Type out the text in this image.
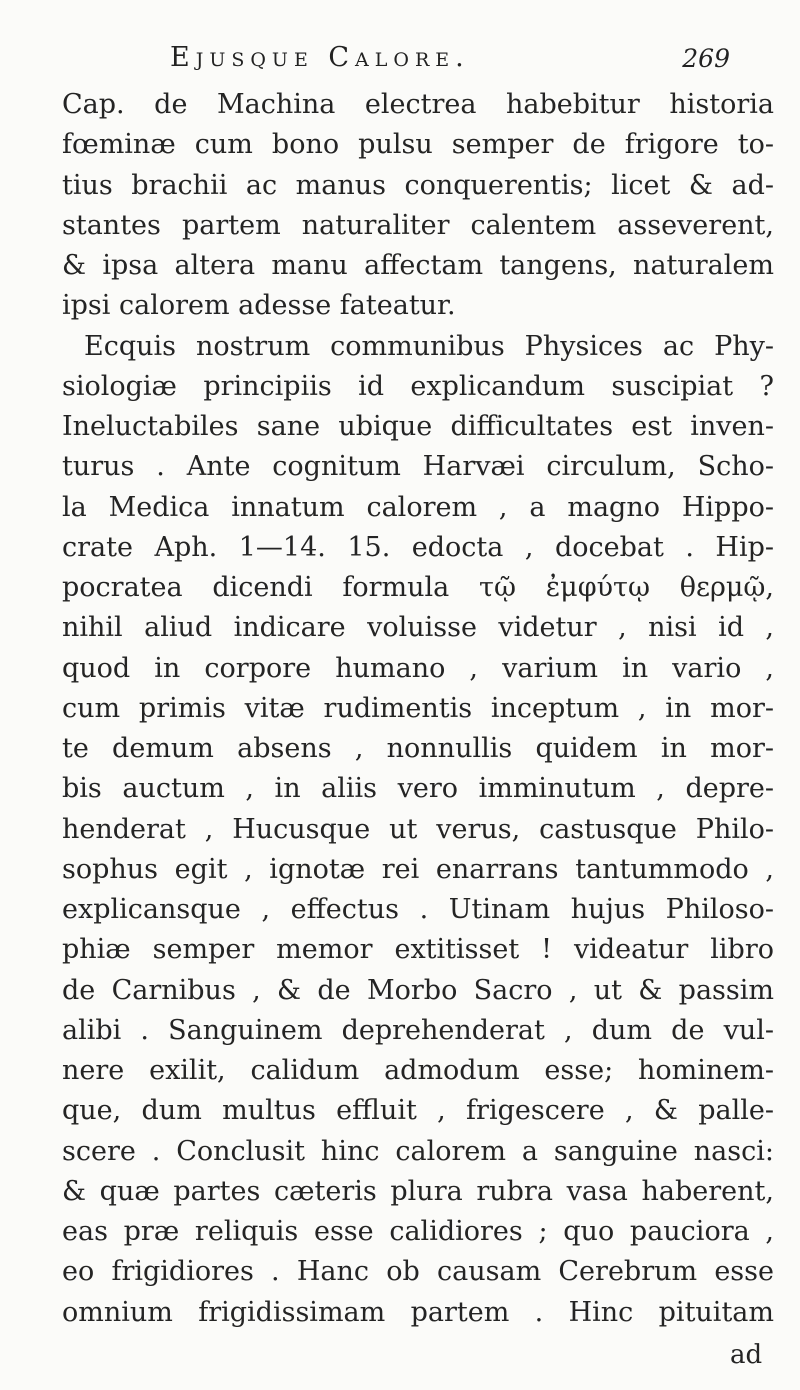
Ejusque Calore.	269
Cap. de Machina electrea habebitur historia
fœminæ cum bono pulsu semper de frigore to-
tius brachii ac manus conquerentis; licet & ad-
stantes partem naturaliter calentem asseverent,
& ipsa altera manu affectam tangens, naturalem
ipsi calorem adesse fateatur.
Ecquis nostrum communibus Physices ac Phy-
siologiæ principiis id explicandum suscipiat ?
Ineluctabiles sane ubique difficultates est inven-
turus . Ante cognitum Harvæi circulum, Scho-
la Medica innatum calorem , a magno Hippo-
crate Aph. 1—14. 15. edocta , docebat . Hip-
pocratea dicendi formula τῷ ἐμφύτῳ θερμῷ,
nihil aliud indicare voluisse videtur , nisi id ,
quod in corpore humano , varium in vario ,
cum primis vitæ rudimentis inceptum , in mor-
te demum absens , nonnullis quidem in mor-
bis auctum , in aliis vero imminutum , depre-
henderat , Hucusque ut verus, castusque Philo-
sophus egit , ignotæ rei enarrans tantummodo ,
explicansque , effectus . Utinam hujus Philoso-
phiæ semper memor extitisset ! videatur libro
de Carnibus , & de Morbo Sacro , ut & passim
alibi . Sanguinem deprehenderat , dum de vul-
nere exilit, calidum admodum esse; hominem-
que, dum multus effluit , frigescere , & palle-
scere . Conclusit hinc calorem a sanguine nasci:
& quæ partes cæteris plura rubra vasa haberent,
eas præ reliquis esse calidiores ; quo pauciora ,
eo frigidiores . Hanc ob causam Cerebrum esse
omnium frigidissimam partem . Hinc pituitam
ad
